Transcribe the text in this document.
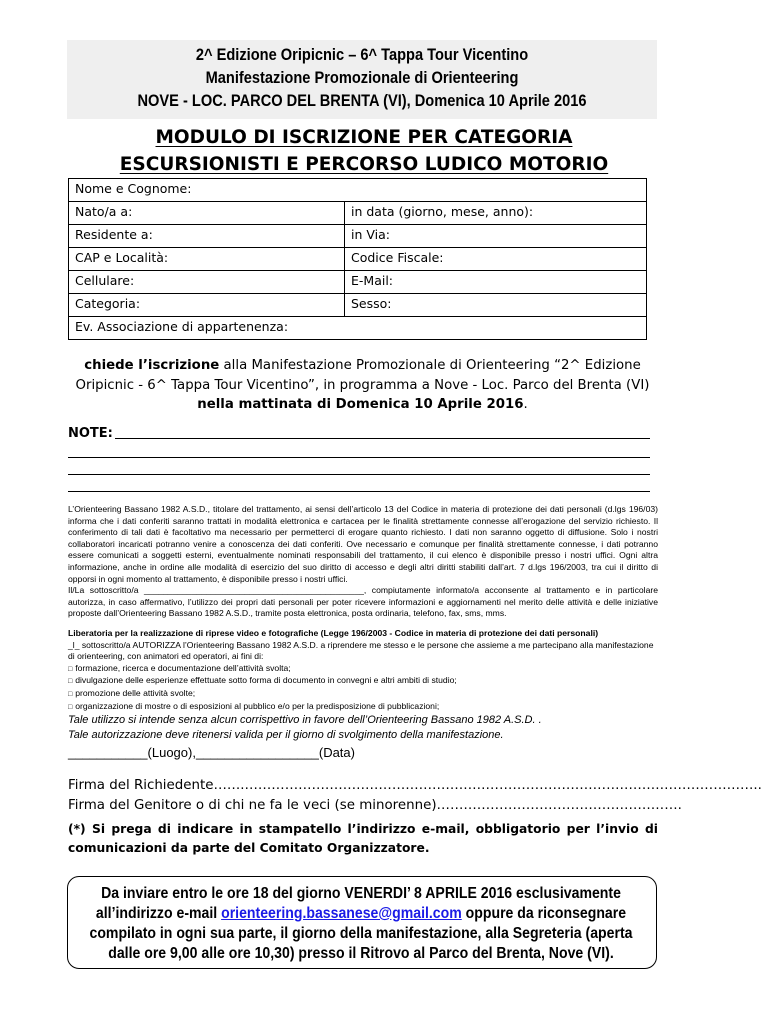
2^ Edizione Oripicnic – 6^ Tappa Tour Vicentino
Manifestazione Promozionale di Orienteering
NOVE - LOC. PARCO DEL BRENTA (VI), Domenica 10 Aprile 2016
MODULO DI ISCRIZIONE PER CATEGORIA
ESCURSIONISTI E PERCORSO LUDICO MOTORIO
Nome e Cognome:	
Nato/a a:	in data (giorno, mese, anno):
Residente a:	in Via:
CAP e Località:	Codice Fiscale:
Cellulare:	E-Mail:
Categoria:	Sesso:
Ev. Associazione di appartenenza:	
chiede l’iscrizione alla Manifestazione Promozionale di Orienteering “2^ Edizione Oripicnic - 6^ Tappa Tour Vicentino”, in programma a Nove - Loc. Parco del Brenta (VI) nella mattinata di Domenica 10 Aprile 2016.
NOTE:

L’Orienteering Bassano 1982 A.S.D., titolare del trattamento, ai sensi dell’articolo 13 del Codice in materia di protezione dei dati personali (d.lgs 196/03) informa che i dati conferiti saranno trattati in modalità elettronica e cartacea per le finalità strettamente connesse all’erogazione del servizio richiesto. Il conferimento di tali dati è facoltativo ma necessario per permetterci di erogare quanto richiesto. I dati non saranno oggetto di diffusione. Solo i nostri collaboratori incaricati potranno venire a conoscenza dei dati conferiti. Ove necessario e comunque per finalità strettamente connesse, i dati potranno essere comunicati a soggetti esterni, eventualmente nominati responsabili del trattamento, il cui elenco è disponibile presso i nostri uffici. Ogni altra informazione, anche in ordine alle modalità di esercizio del suo diritto di accesso e degli altri diritti stabiliti dall’art. 7 d.lgs 196/2003, tra cui il diritto di opporsi in ogni momento al trattamento, è disponibile presso i nostri uffici.

Il/La sottoscritto/a ______________________________________________, compiutamente informato/a acconsente al trattamento e in particolare autorizza, in caso affermativo, l’utilizzo dei propri dati personali per poter ricevere informazioni e aggiornamenti nel merito delle attività e delle iniziative proposte dall’Orienteering Bassano 1982 A.S.D., tramite posta elettronica, posta ordinaria, telefono, fax, sms, mms.

Liberatoria per la realizzazione di riprese video e fotografiche (Legge 196/2003 - Codice in materia di protezione dei dati personali)

_l_ sottoscritto/a AUTORIZZA l’Orienteering Bassano 1982 A.S.D. a riprendere me stesso e le persone che assieme a me partecipano alla manifestazione di orienteering, con animatori ed operatori, ai fini di:

□ formazione, ricerca e documentazione dell’attività svolta;

□ divulgazione delle esperienze effettuate sotto forma di documento in convegni e altri ambiti di studio;

□ promozione delle attività svolte;

□ organizzazione di mostre o di esposizioni al pubblico e/o per la predisposizione di pubblicazioni;

Tale utilizzo si intende senza alcun corrispettivo in favore dell’Orienteering Bassano 1982 A.S.D. .

Tale autorizzazione deve ritenersi valida per il giorno di svolgimento della manifestazione.

___________(Luogo),_________________(Data)
Firma del Richiedente…….……………………………………………………………………………………………………..
Firma del Genitore o di chi ne fa le veci (se minorenne)……………………………………………….
(*) Si prega di indicare in stampatello l’indirizzo e-mail, obbligatorio per l’invio di comunicazioni da parte del Comitato Organizzatore.
Da inviare entro le ore 18 del giorno VENERDI’ 8 APRILE 2016 esclusivamente all’indirizzo e-mail orienteering.bassanese@gmail.com oppure da riconsegnare compilato in ogni sua parte, il giorno della manifestazione, alla Segreteria (aperta dalle ore 9,00 alle ore 10,30) presso il Ritrovo al Parco del Brenta, Nove (VI).
